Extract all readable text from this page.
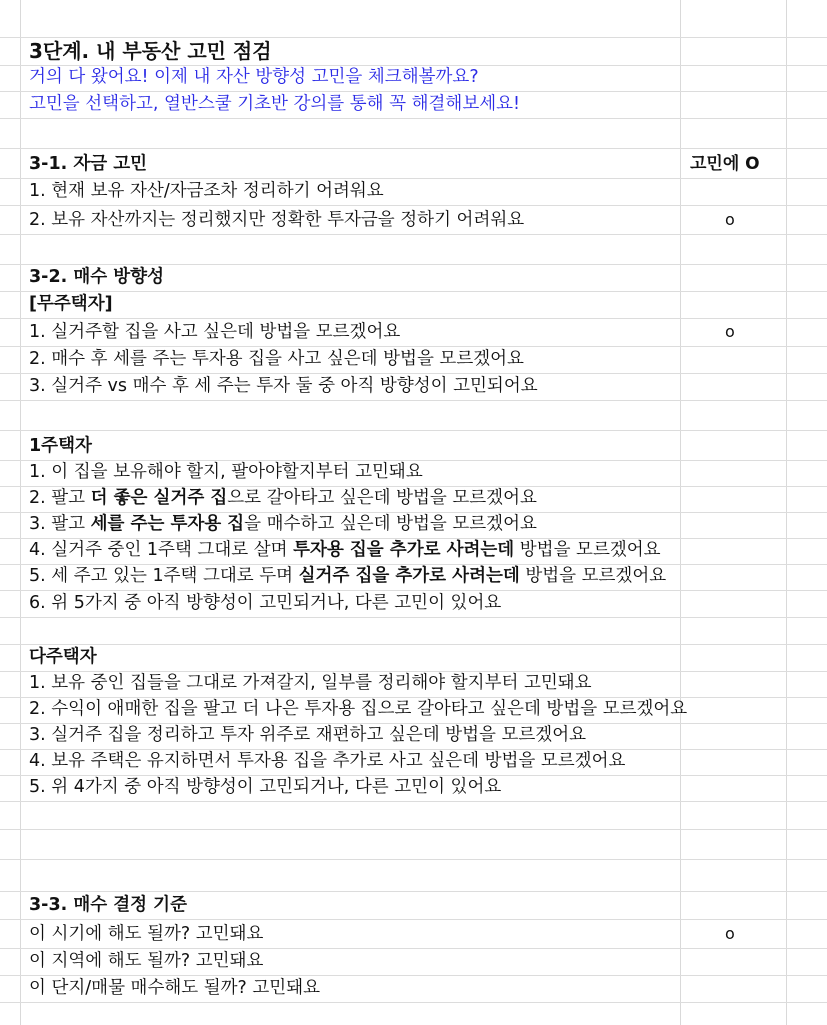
3단계. 내 부동산 고민 점검
거의 다 왔어요! 이제 내 자산 방향성 고민을 체크해볼까요?
고민을 선택하고, 열반스쿨 기초반 강의를 통해 꼭 해결해보세요!
3-1. 자금 고민	고민에 O
1. 현재 보유 자산/자금조차 정리하기 어려워요
2. 보유 자산까지는 정리했지만 정확한 투자금을 정하기 어려워요	o
3-2. 매수 방향성
[무주택자]
1. 실거주할 집을 사고 싶은데 방법을 모르겠어요	o
2. 매수 후 세를 주는 투자용 집을 사고 싶은데 방법을 모르겠어요
3. 실거주 vs 매수 후 세 주는 투자 둘 중 아직 방향성이 고민되어요
1주택자
1. 이 집을 보유해야 할지, 팔아야할지부터 고민돼요
2. 팔고 더 좋은 실거주 집으로 갈아타고 싶은데 방법을 모르겠어요
3. 팔고 세를 주는 투자용 집을 매수하고 싶은데 방법을 모르겠어요
4. 실거주 중인 1주택 그대로 살며 투자용 집을 추가로 사려는데 방법을 모르겠어요
5. 세 주고 있는 1주택 그대로 두며 실거주 집을 추가로 사려는데 방법을 모르겠어요
6. 위 5가지 중 아직 방향성이 고민되거나, 다른 고민이 있어요
다주택자
1. 보유 중인 집들을 그대로 가져갈지, 일부를 정리해야 할지부터 고민돼요
2. 수익이 애매한 집을 팔고 더 나은 투자용 집으로 갈아타고 싶은데 방법을 모르겠어요
3. 실거주 집을 정리하고 투자 위주로 재편하고 싶은데 방법을 모르겠어요
4. 보유 주택은 유지하면서 투자용 집을 추가로 사고 싶은데 방법을 모르겠어요
5. 위 4가지 중 아직 방향성이 고민되거나, 다른 고민이 있어요
3-3. 매수 결정 기준
이 시기에 해도 될까? 고민돼요	o
이 지역에 해도 될까? 고민돼요
이 단지/매물 매수해도 될까? 고민돼요
